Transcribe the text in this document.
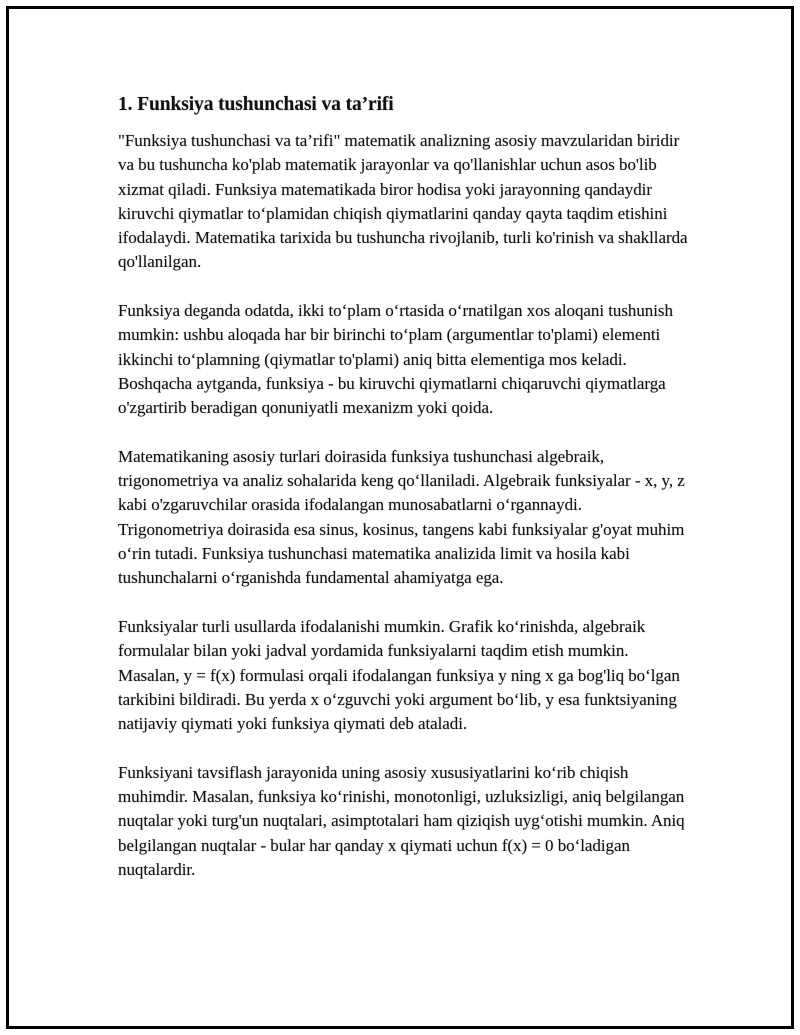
1. Funksiya tushunchasi va ta’rifi

"Funksiya tushunchasi va ta’rifi" matematik analizning asosiy mavzularidan biridir va bu tushuncha ko'plab matematik jarayonlar va qo'llanishlar uchun asos bo'lib xizmat qiladi. Funksiya matematikada biror hodisa yoki jarayonning qandaydir kiruvchi qiymatlar to‘plamidan chiqish qiymatlarini qanday qayta taqdim etishini ifodalaydi. Matematika tarixida bu tushuncha rivojlanib, turli ko'rinish va shakllarda qo'llanilgan.

Funksiya deganda odatda, ikki to‘plam o‘rtasida o‘rnatilgan xos aloqani tushunish mumkin: ushbu aloqada har bir birinchi to‘plam (argumentlar to'plami) elementi ikkinchi to‘plamning (qiymatlar to'plami) aniq bitta elementiga mos keladi. Boshqacha aytganda, funksiya - bu kiruvchi qiymatlarni chiqaruvchi qiymatlarga o'zgartirib beradigan qonuniyatli mexanizm yoki qoida.

Matematikaning asosiy turlari doirasida funksiya tushunchasi algebraik, trigonometriya va analiz sohalarida keng qo‘llaniladi. Algebraik funksiyalar - x, y, z kabi o'zgaruvchilar orasida ifodalangan munosabatlarni o‘rgannaydi. Trigonometriya doirasida esa sinus, kosinus, tangens kabi funksiyalar g'oyat muhim o‘rin tutadi. Funksiya tushunchasi matematika analizida limit va hosila kabi tushunchalarni o‘rganishda fundamental ahamiyatga ega.

Funksiyalar turli usullarda ifodalanishi mumkin. Grafik ko‘rinishda, algebraik formulalar bilan yoki jadval yordamida funksiyalarni taqdim etish mumkin. Masalan, y = f(x) formulasi orqali ifodalangan funksiya y ning x ga bog'liq bo‘lgan tarkibini bildiradi. Bu yerda x o‘zguvchi yoki argument bo‘lib, y esa funktsiyaning natijaviy qiymati yoki funksiya qiymati deb ataladi.

Funksiyani tavsiflash jarayonida uning asosiy xususiyatlarini ko‘rib chiqish muhimdir. Masalan, funksiya ko‘rinishi, monotonligi, uzluksizligi, aniq belgilangan nuqtalar yoki turg'un nuqtalari, asimptotalari ham qiziqish uyg‘otishi mumkin. Aniq belgilangan nuqtalar - bular har qanday x qiymati uchun f(x) = 0 bo‘ladigan nuqtalardir.
